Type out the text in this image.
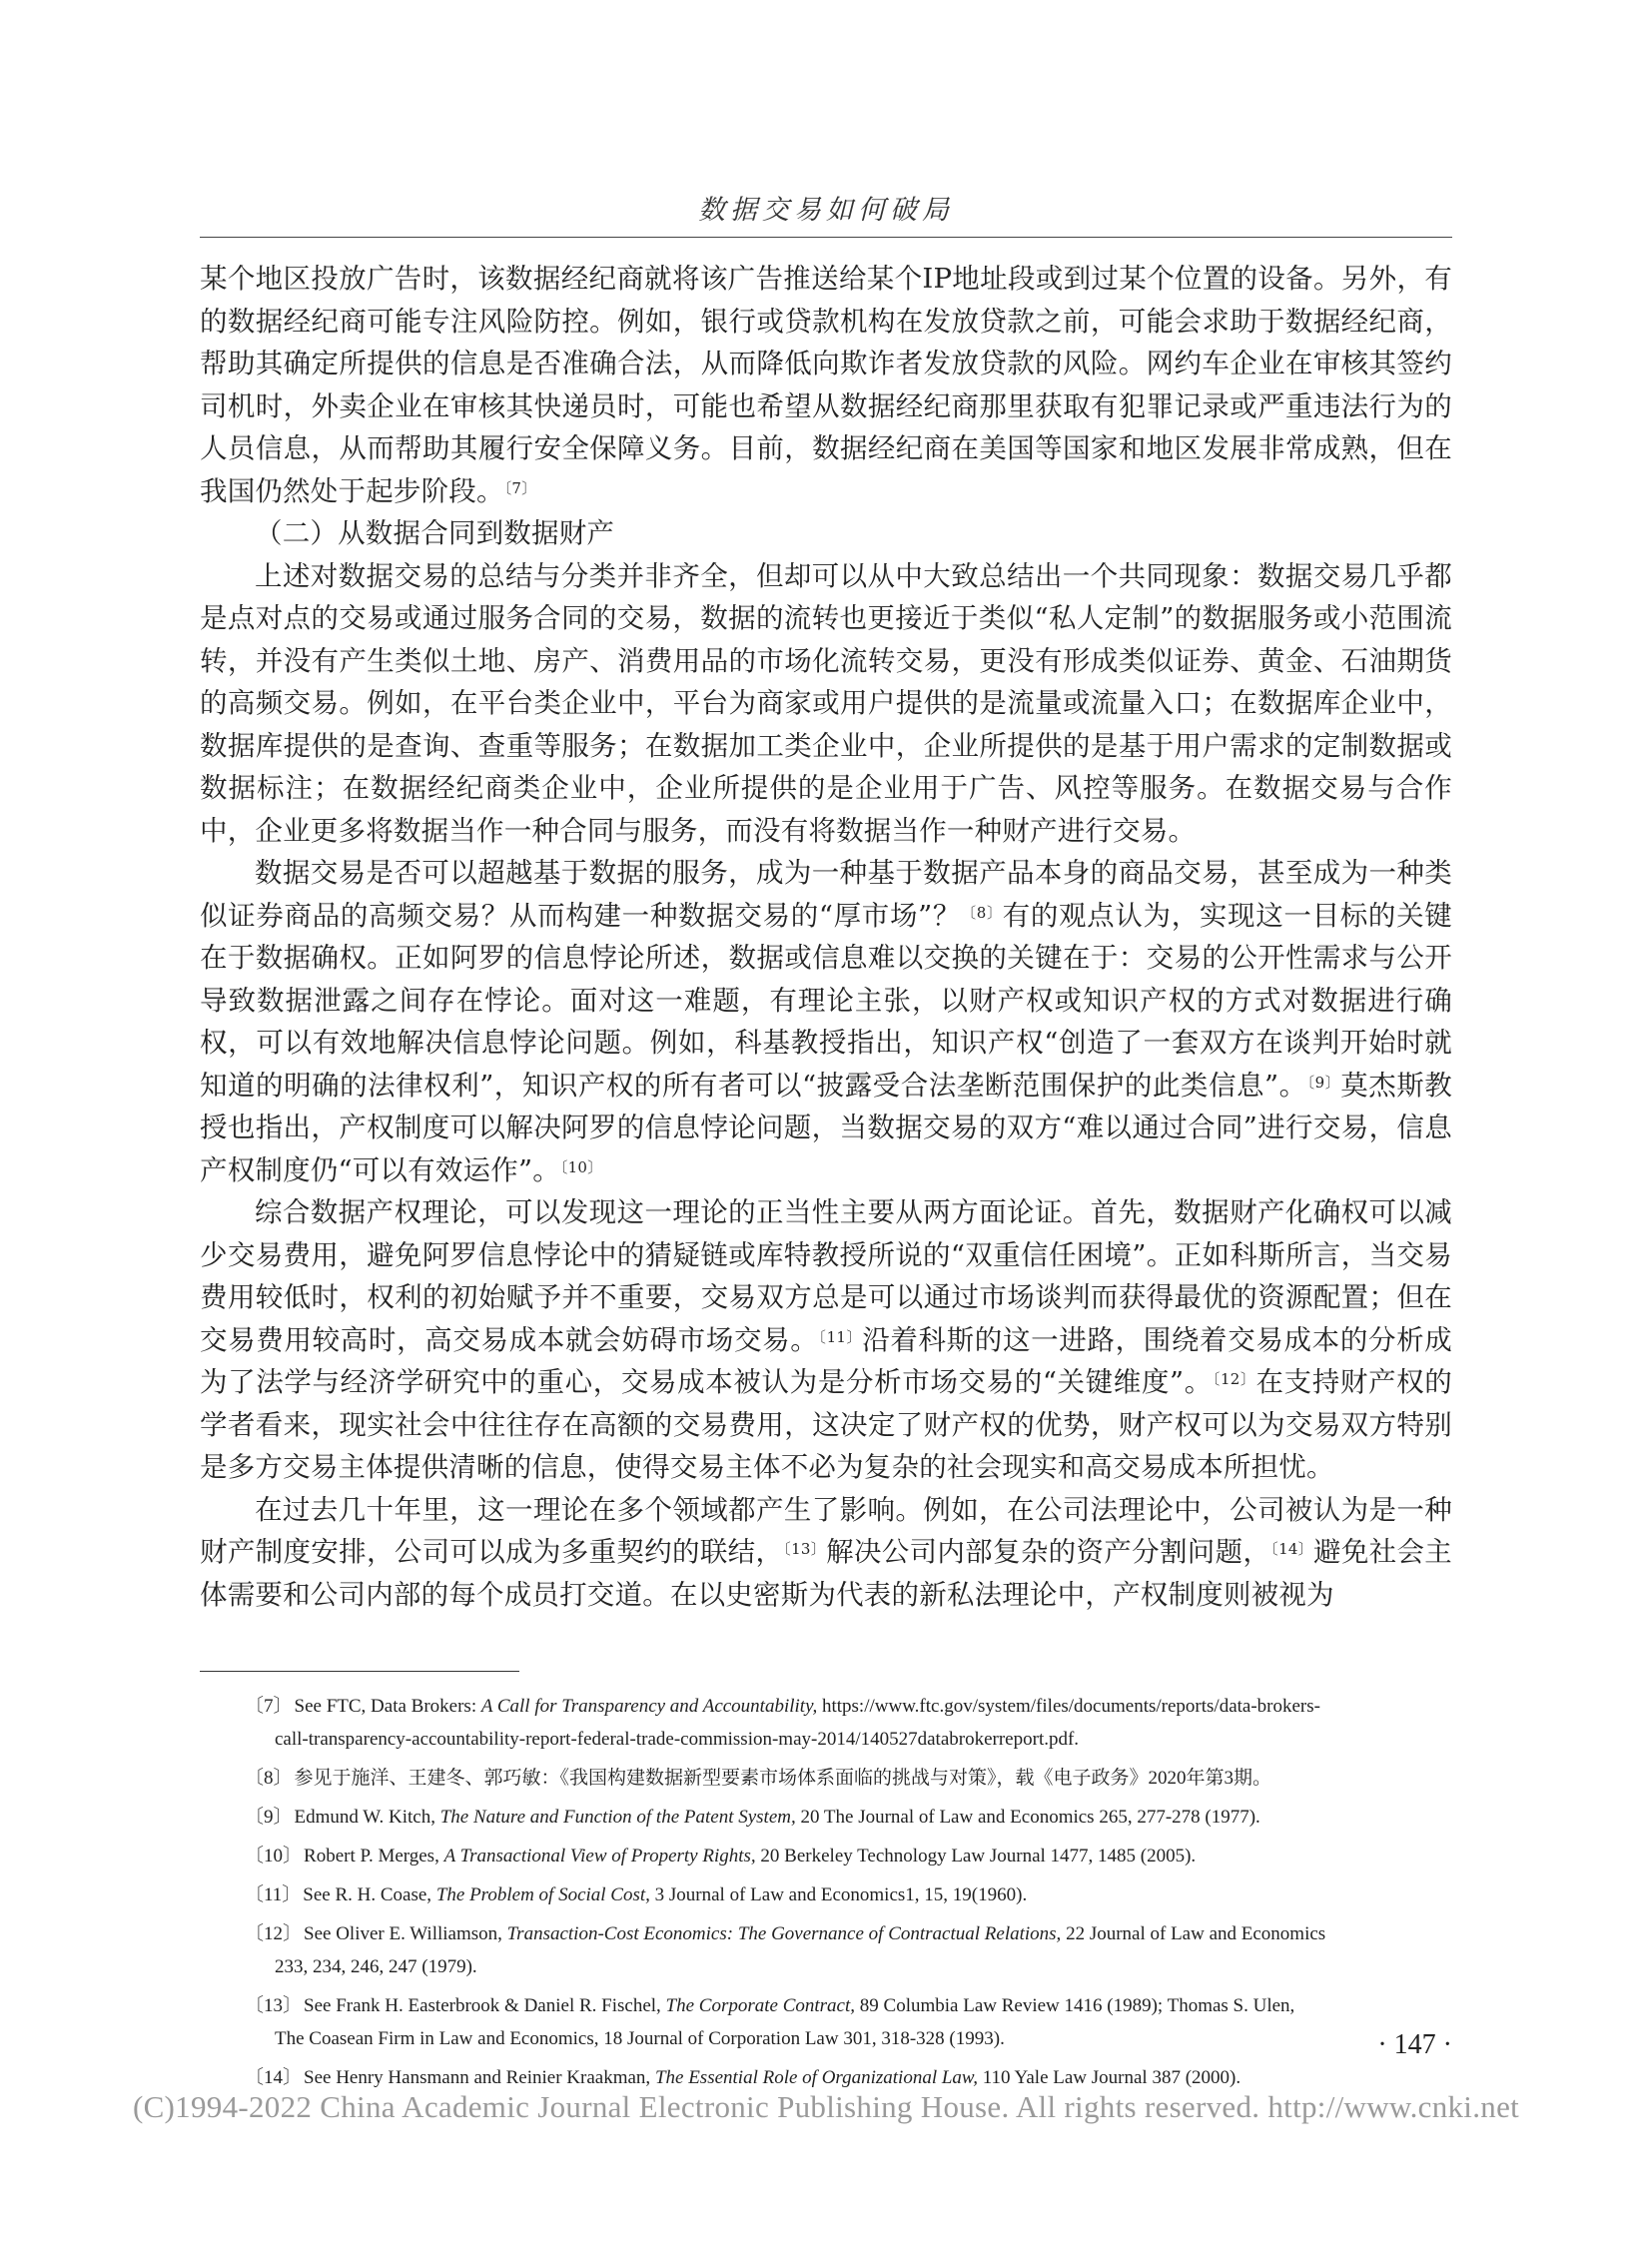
数据交易如何破局

某个地区投放广告时，该数据经纪商就将该广告推送给某个IP地址段或到过某个位置的设备。另外，有的数据经纪商可能专注风险防控。例如，银行或贷款机构在发放贷款之前，可能会求助于数据经纪商，帮助其确定所提供的信息是否准确合法，从而降低向欺诈者发放贷款的风险。网约车企业在审核其签约司机时，外卖企业在审核其快递员时，可能也希望从数据经纪商那里获取有犯罪记录或严重违法行为的人员信息，从而帮助其履行安全保障义务。目前，数据经纪商在美国等国家和地区发展非常成熟，但在我国仍然处于起步阶段。$^{〔7〕}$

（二）从数据合同到数据财产

上述对数据交易的总结与分类并非齐全，但却可以从中大致总结出一个共同现象：数据交易几乎都是点对点的交易或通过服务合同的交易，数据的流转也更接近于类似“私人定制”的数据服务或小范围流转，并没有产生类似土地、房产、消费用品的市场化流转交易，更没有形成类似证券、黄金、石油期货的高频交易。例如，在平台类企业中，平台为商家或用户提供的是流量或流量入口；在数据库企业中，数据库提供的是查询、查重等服务；在数据加工类企业中，企业所提供的是基于用户需求的定制数据或数据标注；在数据经纪商类企业中，企业所提供的是企业用于广告、风控等服务。在数据交易与合作中，企业更多将数据当作一种合同与服务，而没有将数据当作一种财产进行交易。

数据交易是否可以超越基于数据的服务，成为一种基于数据产品本身的商品交易，甚至成为一种类似证券商品的高频交易？从而构建一种数据交易的“厚市场”？$^{〔8〕}$有的观点认为，实现这一目标的关键在于数据确权。正如阿罗的信息悖论所述，数据或信息难以交换的关键在于：交易的公开性需求与公开导致数据泄露之间存在悖论。面对这一难题，有理论主张，以财产权或知识产权的方式对数据进行确权，可以有效地解决信息悖论问题。例如，科基教授指出，知识产权“创造了一套双方在谈判开始时就知道的明确的法律权利”，知识产权的所有者可以“披露受合法垄断范围保护的此类信息”。$^{〔9〕}$莫杰斯教授也指出，产权制度可以解决阿罗的信息悖论问题，当数据交易的双方“难以通过合同”进行交易，信息产权制度仍“可以有效运作”。$^{〔10〕}$

综合数据产权理论，可以发现这一理论的正当性主要从两方面论证。首先，数据财产化确权可以减少交易费用，避免阿罗信息悖论中的猜疑链或库特教授所说的“双重信任困境”。正如科斯所言，当交易费用较低时，权利的初始赋予并不重要，交易双方总是可以通过市场谈判而获得最优的资源配置；但在交易费用较高时，高交易成本就会妨碍市场交易。$^{〔11〕}$沿着科斯的这一进路，围绕着交易成本的分析成为了法学与经济学研究中的重心，交易成本被认为是分析市场交易的“关键维度”。$^{〔12〕}$在支持财产权的学者看来，现实社会中往往存在高额的交易费用，这决定了财产权的优势，财产权可以为交易双方特别是多方交易主体提供清晰的信息，使得交易主体不必为复杂的社会现实和高交易成本所担忧。

在过去几十年里，这一理论在多个领域都产生了影响。例如，在公司法理论中，公司被认为是一种财产制度安排，公司可以成为多重契约的联结，$^{〔13〕}$解决公司内部复杂的资产分割问题，$^{〔14〕}$避免社会主体需要和公司内部的每个成员打交道。在以史密斯为代表的新私法理论中，产权制度则被视为

〔7〕 See FTC, Data Brokers: A Call for Transparency and Accountability, https://www.ftc.gov/system/files/documents/reports/data-brokers-
call-transparency-accountability-report-federal-trade-commission-may-2014/140527databrokerreport.pdf.
〔8〕 参见于施洋、王建冬、郭巧敏：《我国构建数据新型要素市场体系面临的挑战与对策》，载《电子政务》2020年第3期。
〔9〕 Edmund W. Kitch, The Nature and Function of the Patent System, 20 The Journal of Law and Economics 265, 277-278 (1977).
〔10〕 Robert P. Merges, A Transactional View of Property Rights, 20 Berkeley Technology Law Journal 1477, 1485 (2005).
〔11〕 See R. H. Coase, The Problem of Social Cost, 3 Journal of Law and Economics1, 15, 19(1960).
〔12〕 See Oliver E. Williamson, Transaction-Cost Economics: The Governance of Contractual Relations, 22 Journal of Law and Economics
233, 234, 246, 247 (1979).
〔13〕 See Frank H. Easterbrook & Daniel R. Fischel, The Corporate Contract, 89 Columbia Law Review 1416 (1989); Thomas S. Ulen,
The Coasean Firm in Law and Economics, 18 Journal of Corporation Law 301, 318-328 (1993).
〔14〕 See Henry Hansmann and Reinier Kraakman, The Essential Role of Organizational Law, 110 Yale Law Journal 387 (2000).
· 147 ·
(C)1994-2022 China Academic Journal Electronic Publishing House. All rights reserved. http://www.cnki.net
